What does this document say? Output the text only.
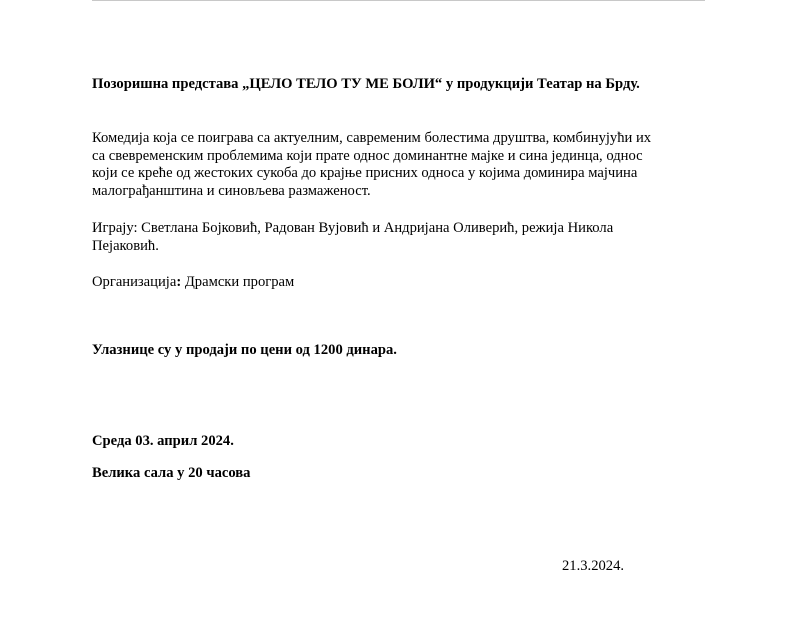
Позоришна представа „ЦЕЛО ТЕЛО ТУ МЕ БОЛИ“ у продукцији Театар на Брду.
Комедија која се поиграва са актуелним, савременим болестима друштва, комбинујући их
са свевременским проблемима који прате однос доминантне мајке и сина јединца, однос
који се креће од жестоких сукоба до крајње присних односа у којима доминира мајчина
малограђанштина и синовљева размаженост.
Играју: Светлана Бојковић, Радован Вујовић и Андријана Оливерић, режија Никола
Пејаковић.
Организација: Драмски програм
Улазнице су у продаји по цени од 1200 динара.
Среда 03. април 2024.
Велика сала у 20 часова
21.3.2024.
